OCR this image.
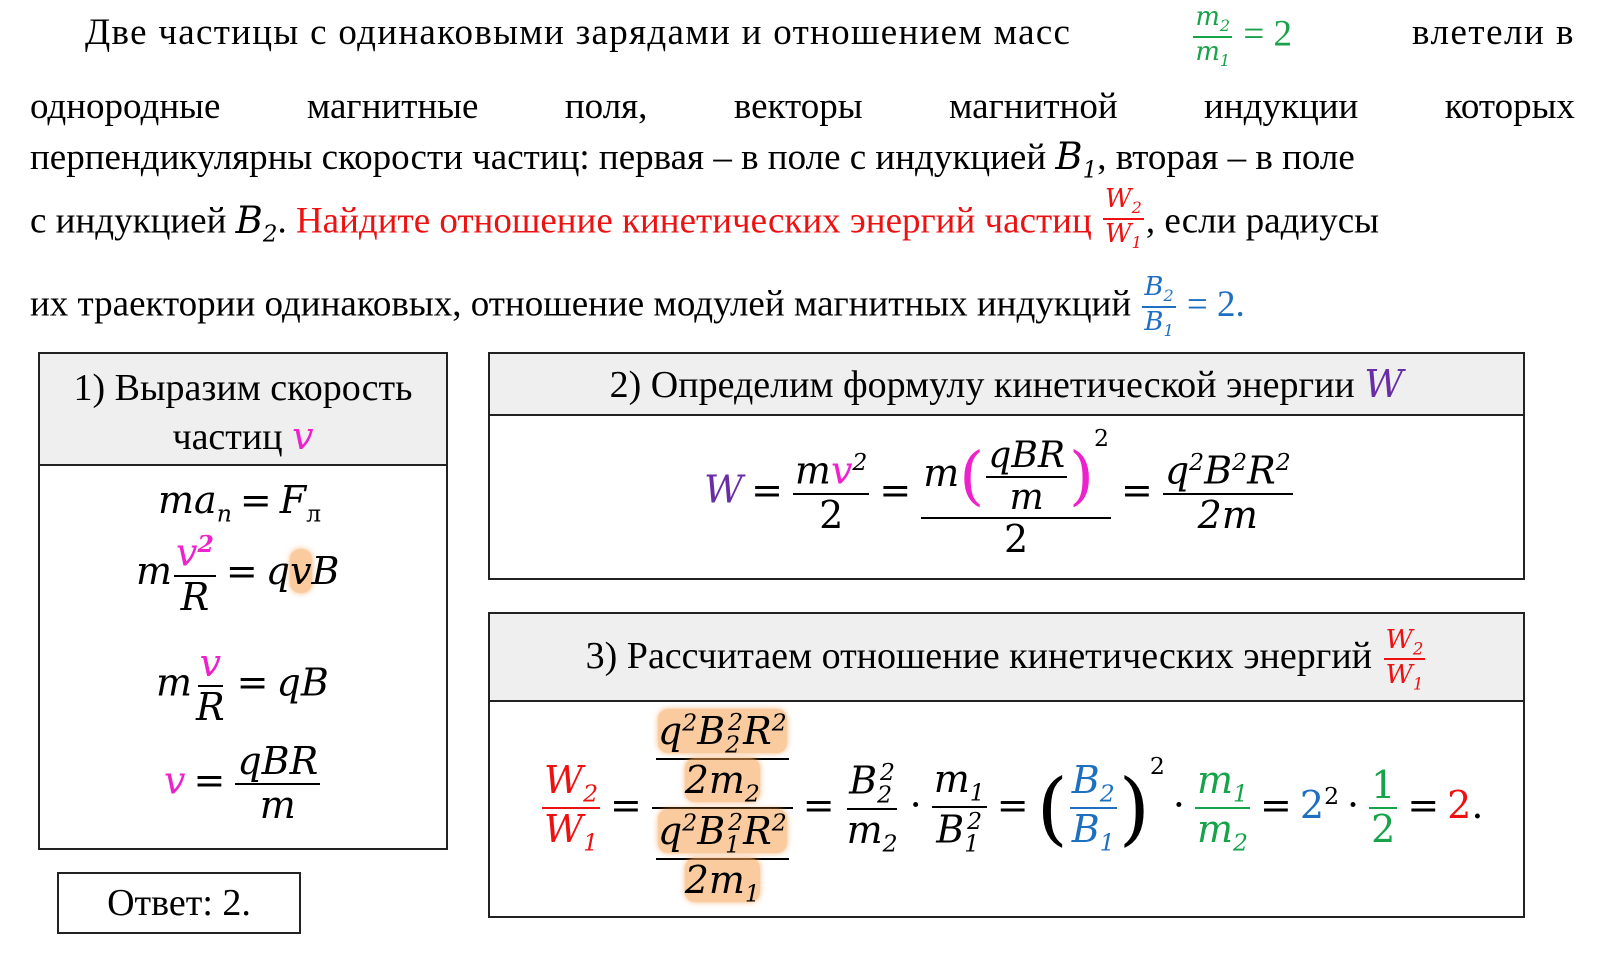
Две частицы с одинаковыми зарядами и отношением масс	$\frac{m_2}{m_1} = 2$	влетели в
однородные магнитные поля, векторы магнитной индукции которых
перпендикулярны скорости частиц: первая – в поле с индукцией $B_1$, вторая – в поле
с индукцией $B_2$. Найдите отношение кинетических энергий частиц $\frac{W_2}{W_1}$ , если радиусы
их траектории одинаковых, отношение модулей магнитных индукций $\frac{B_2}{B_1} = 2$.
1) Выразим скорость
частиц v
$ma_n = F_л$
m $\frac{v^2}{R}$ = qvB
m $\frac{v}{R}$ = qB
$v = \frac{\text{qBR}}{m}$
Ответ: 2.
2) Определим формулу кинетической энергии W
$W = \frac{mv^2}{2} = \frac{m( \frac{\text{qBR}}{m} )^2}{2} = \frac{q^2B^2R^2}{2m}$
3) Рассчитаем отношение кинетических энергий $\frac{W_2}{W_1}$
$\frac{W_2}{W_1} = \frac{\frac{q^2B_2^2R^2}{2m_2}}{\frac{q^2B_1^2R^2}{2m_1}} = \frac{B_2^2}{m_2} \cdot \frac{m_1}{B_1^2}$ = ( $\frac{B_2}{B_1} )^2\cdot \frac{m_1}{m_2} = 2^2 \cdot \frac{1}{2} = 2$.
